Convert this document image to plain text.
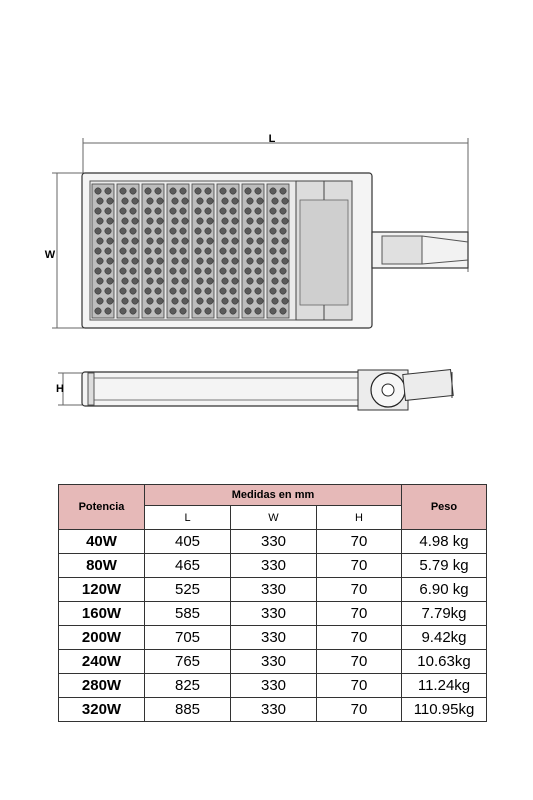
L
W
H
Potencia	Medidas en mm			Peso
	L	W	H	
40W	405	330	70	4.98 kg
80W	465	330	70	5.79 kg
120W	525	330	70	6.90 kg
160W	585	330	70	7.79kg
200W	705	330	70	9.42kg
240W	765	330	70	10.63kg
280W	825	330	70	11.24kg
320W	885	330	70	110.95kg
